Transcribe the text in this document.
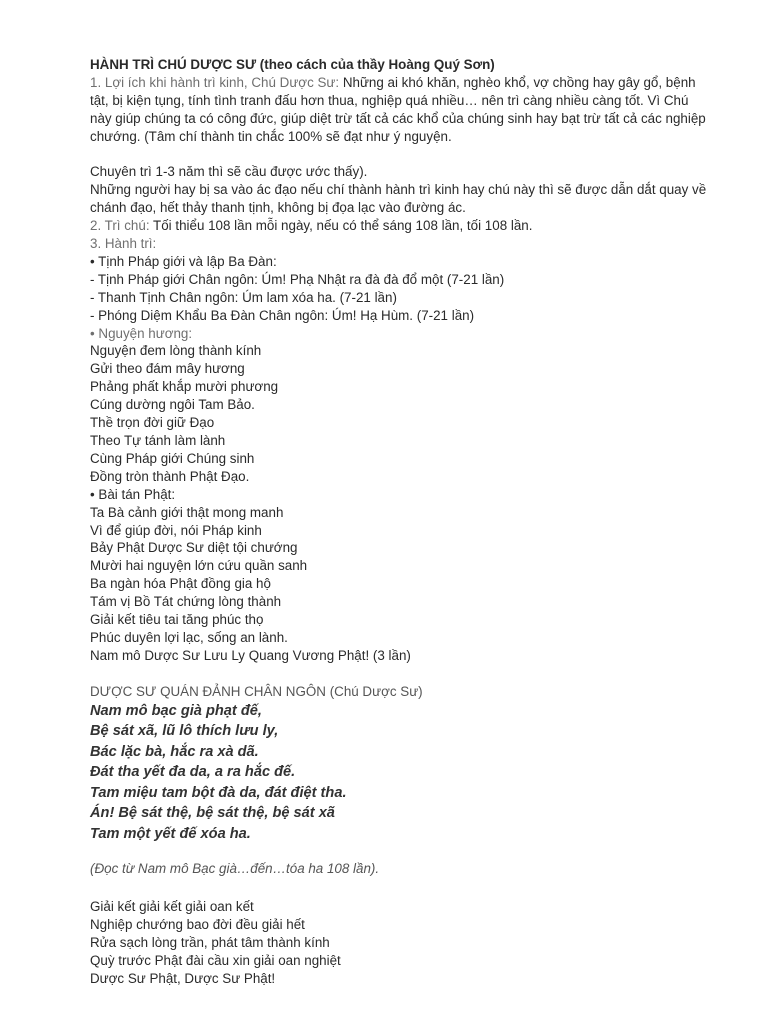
HÀNH TRÌ CHÚ DƯỢC SƯ (theo cách của thầy Hoàng Quý Sơn)

1. Lợi ích khi hành trì kinh, Chú Dược Sư: Những ai khó khăn, nghèo khổ, vợ chồng hay gây gổ, bệnh tật, bị kiện tụng, tính tình tranh đấu hơn thua, nghiệp quá nhiều… nên trì càng nhiều càng tốt. Vì Chú này giúp chúng ta có công đức, giúp diệt trừ tất cả các khổ của chúng sinh hay bạt trừ tất cả các nghiệp chướng. (Tâm chí thành tin chắc 100% sẽ đạt như ý nguyện.

Chuyên trì 1-3 năm thì sẽ cầu được ước thấy).
Những người hay bị sa vào ác đạo nếu chí thành hành trì kinh hay chú này thì sẽ được dẫn dắt quay về chánh đạo, hết thảy thanh tịnh, không bị đọa lạc vào đường ác.
2. Trì chú: Tối thiểu 108 lần mỗi ngày, nếu có thể sáng 108 lần, tối 108 lần.
3. Hành trì:
• Tịnh Pháp giới và lập Ba Đàn:
- Tịnh Pháp giới Chân ngôn: Úm! Phạ Nhật ra đà đà đổ một (7-21 lần)
- Thanh Tịnh Chân ngôn: Úm lam xóa ha. (7-21 lần)
- Phóng Diệm Khẩu Ba Đàn Chân ngôn: Úm! Hạ Hùm. (7-21 lần)
• Nguyện hương:
Nguyện đem lòng thành kính
Gửi theo đám mây hương
Phảng phất khắp mười phương
Cúng dường ngôi Tam Bảo.
Thề trọn đời giữ Đạo
Theo Tự tánh làm lành
Cùng Pháp giới Chúng sinh
Đồng tròn thành Phật Đạo.
• Bài tán Phật:
Ta Bà cảnh giới thật mong manh
Vì để giúp đời, nói Pháp kinh
Bảy Phật Dược Sư diệt tội chướng
Mười hai nguyện lớn cứu quần sanh
Ba ngàn hóa Phật đồng gia hộ
Tám vị Bồ Tát chứng lòng thành
Giải kết tiêu tai tăng phúc thọ
Phúc duyên lợi lạc, sống an lành.
Nam mô Dược Sư Lưu Ly Quang Vương Phật! (3 lần)
DƯỢC SƯ QUÁN ĐẢNH CHÂN NGÔN (Chú Dược Sư)
Nam mô bạc già phạt đế,
Bệ sát xã, lũ lô thích lưu ly,
Bác lặc bà, hắc ra xà dã.
Đát tha yết đa da, a ra hắc đế.
Tam miệu tam bột đà da, đát điệt tha.
Án! Bệ sát thệ, bệ sát thệ, bệ sát xã
Tam một yết đế xóa ha.
(Đọc từ Nam mô Bạc già…đến…tóa ha 108 lần).
Giải kết giải kết giải oan kết
Nghiệp chướng bao đời đều giải hết
Rửa sạch lòng trần, phát tâm thành kính
Quỳ trước Phật đài cầu xin giải oan nghiệt
Dược Sư Phật, Dược Sư Phật!
